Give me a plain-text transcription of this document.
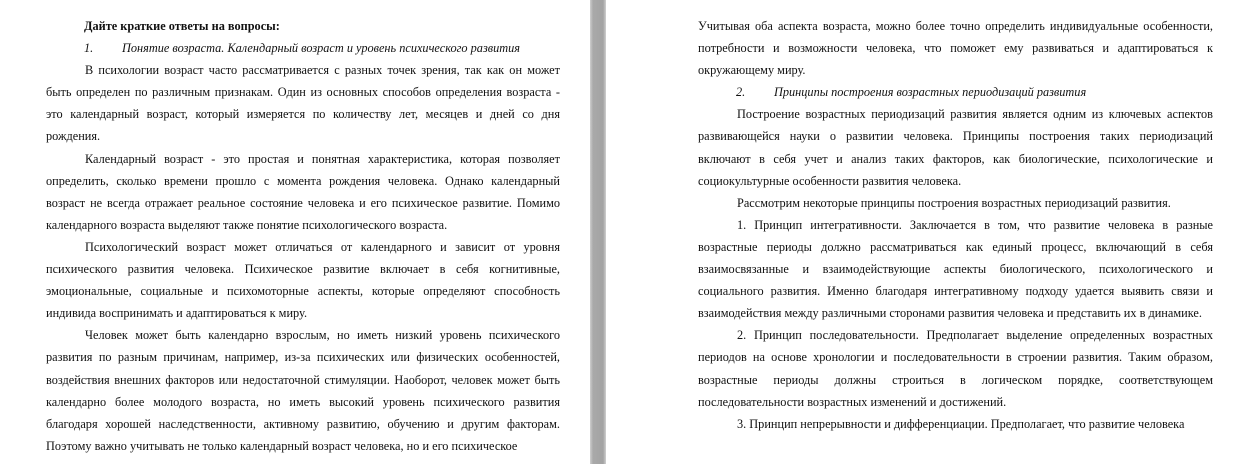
Дайте краткие ответы на вопросы:

1.	Понятие возраста. Календарный возраст и уровень психического развития

В психологии возраст часто рассматривается с разных точек зрения, так как он может быть определен по различным признакам. Один из основных способов определения возраста - это календарный возраст, который измеряется по количеству лет, месяцев и дней со дня рождения.

Календарный возраст - это простая и понятная характеристика, которая позволяет определить, сколько времени прошло с момента рождения человека. Однако календарный возраст не всегда отражает реальное состояние человека и его психическое развитие. Помимо календарного возраста выделяют также понятие психологического возраста.

Психологический возраст может отличаться от календарного и зависит от уровня психического развития человека. Психическое развитие включает в себя когнитивные, эмоциональные, социальные и психомоторные аспекты, которые определяют способность индивида воспринимать и адаптироваться к миру.

Человек может быть календарно взрослым, но иметь низкий уровень психического развития по разным причинам, например, из-за психических или физических особенностей, воздействия внешних факторов или недостаточной стимуляции. Наоборот, человек может быть календарно более молодого возраста, но иметь высокий уровень психического развития благодаря хорошей наследственности, активному развитию, обучению и другим факторам. Поэтому важно учитывать не только календарный возраст человека, но и его психическое

Учитывая оба аспекта возраста, можно более точно определить индивидуальные особенности, потребности и возможности человека, что поможет ему развиваться и адаптироваться к окружающему миру.

2.	Принципы построения возрастных периодизаций развития

Построение возрастных периодизаций развития является одним из ключевых аспектов развивающейся науки о развитии человека. Принципы построения таких периодизаций включают в себя учет и анализ таких факторов, как биологические, психологические и социокультурные особенности развития человека.

Рассмотрим некоторые принципы построения возрастных периодизаций развития.

1. Принцип интегративности. Заключается в том, что развитие человека в разные возрастные периоды должно рассматриваться как единый процесс, включающий в себя взаимосвязанные и взаимодействующие аспекты биологического, психологического и социального развития. Именно благодаря интегративному подходу удается выявить связи и взаимодействия между различными сторонами развития человека и представить их в динамике.

2. Принцип последовательности. Предполагает выделение определенных возрастных периодов на основе хронологии и последовательности в строении развития. Таким образом, возрастные периоды должны строиться в логическом порядке, соответствующем последовательности возрастных изменений и достижений.

3. Принцип непрерывности и дифференциации. Предполагает, что развитие человека
